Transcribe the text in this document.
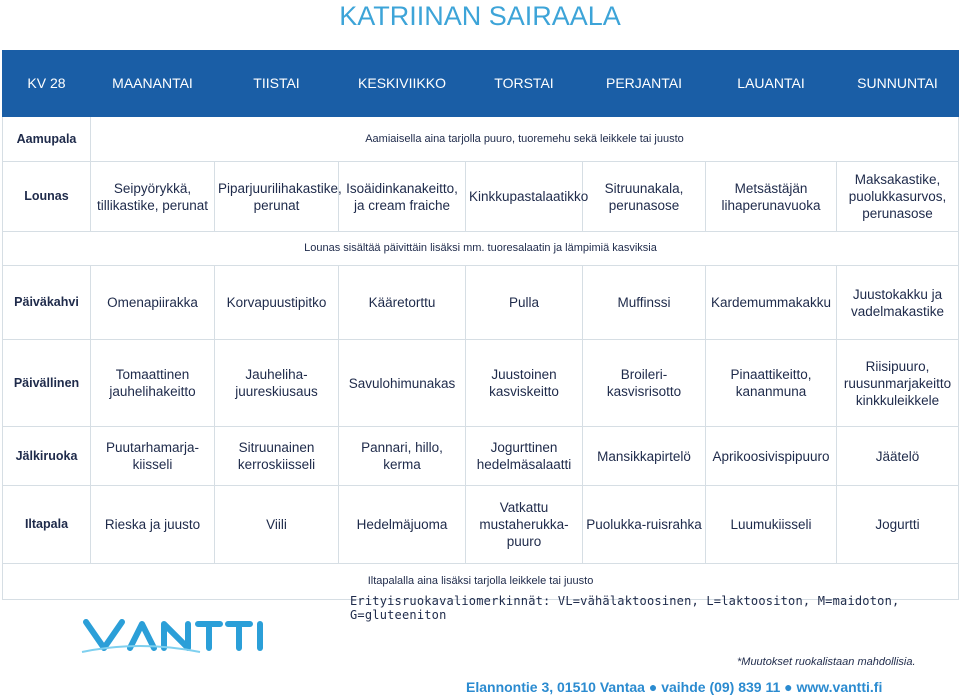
KATRIINAN SAIRAALA
KV 28	MAANANTAI	TIISTAI	KESKIVIIKKO	TORSTAI	PERJANTAI	LAUANTAI	SUNNUNTAI
Aamupala	Aamiaisella aina tarjolla puuro, tuoremehu sekä leikkele tai juusto						
Lounas	Seipyörykkä, tillikastike, perunat	Piparjuurilihakastike, perunat	Isoäidinkanakeitto, ja cream fraiche	Kinkkupastalaatikko	Sitruunakala, perunasose	Metsästäjän lihaperunavuoka	Maksakastike, puolukkasurvos, perunasose
Lounas sisältää päivittäin lisäksi mm. tuoresalaatin ja lämpimiä kasviksia							
Päiväkahvi	Omenapiirakka	Korvapuustipitko	Kääretorttu	Pulla	Muffinssi	Kardemummakakku	Juustokakku ja vadelmakastike
Päivällinen	Tomaattinen jauhelihakeitto	Jauheliha-juureskiusaus	Savulohimunakas	Juustoinen kasviskeitto	Broileri-kasvisrisotto	Pinaattikeitto, kananmuna	Riisipuuro, ruusunmarjakeitto kinkkuleikkele
Jälkiruoka	Puutarhamarja-kiisseli	Sitruunainen kerroskiisseli	Pannari, hillo, kerma	Jogurttinen hedelmäsalaatti	Mansikkapirtelö	Aprikoosivispipuuro	Jäätelö
Iltapala	Rieska ja juusto	Viili	Hedelmäjuoma	Vatkattu mustaherukka-puuro	Puolukka-ruisrahka	Luumukiisseli	Jogurtti
Iltapalalla aina lisäksi tarjolla leikkele tai juusto							
Erityisruokavaliomerkinnät: VL=vähälaktoosinen, L=laktoositon, M=maidoton, G=gluteeniton
*Muutokset ruokalistaan mahdollisia.
Elannontie 3, 01510 Vantaa ● vaihde (09) 839 11 ● www.vantti.fi
